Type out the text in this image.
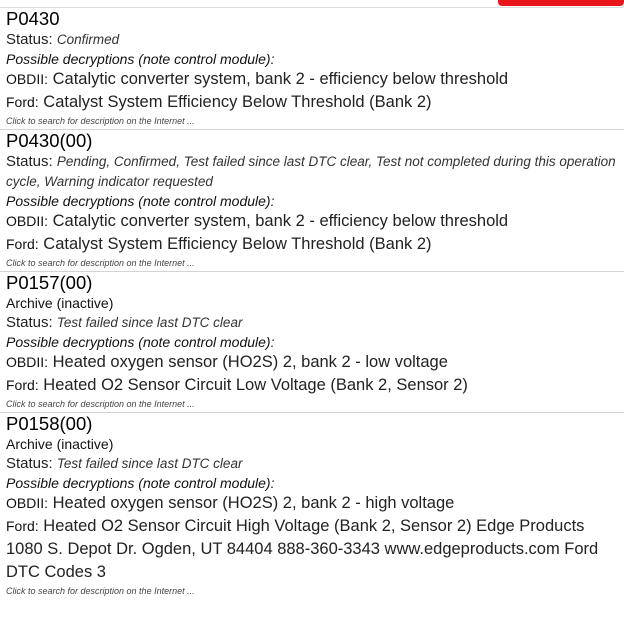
P0430
Status: Confirmed
Possible decryptions (note control module):
OBDII: Catalytic converter system, bank 2 - efficiency below threshold
Ford: Catalyst System Efficiency Below Threshold (Bank 2)
Click to search for description on the Internet ...
P0430(00)
Status: Pending, Confirmed, Test failed since last DTC clear, Test not completed during this operation cycle, Warning indicator requested
Possible decryptions (note control module):
OBDII: Catalytic converter system, bank 2 - efficiency below threshold
Ford: Catalyst System Efficiency Below Threshold (Bank 2)
Click to search for description on the Internet ...
P0157(00)
Archive (inactive)
Status: Test failed since last DTC clear
Possible decryptions (note control module):
OBDII: Heated oxygen sensor (HO2S) 2, bank 2 - low voltage
Ford: Heated O2 Sensor Circuit Low Voltage (Bank 2, Sensor 2)
Click to search for description on the Internet ...
P0158(00)
Archive (inactive)
Status: Test failed since last DTC clear
Possible decryptions (note control module):
OBDII: Heated oxygen sensor (HO2S) 2, bank 2 - high voltage
Ford: Heated O2 Sensor Circuit High Voltage (Bank 2, Sensor 2) Edge Products 1080 S. Depot Dr. Ogden, UT 84404 888-360-3343 www.edgeproducts.com Ford DTC Codes 3
Click to search for description on the Internet ...
